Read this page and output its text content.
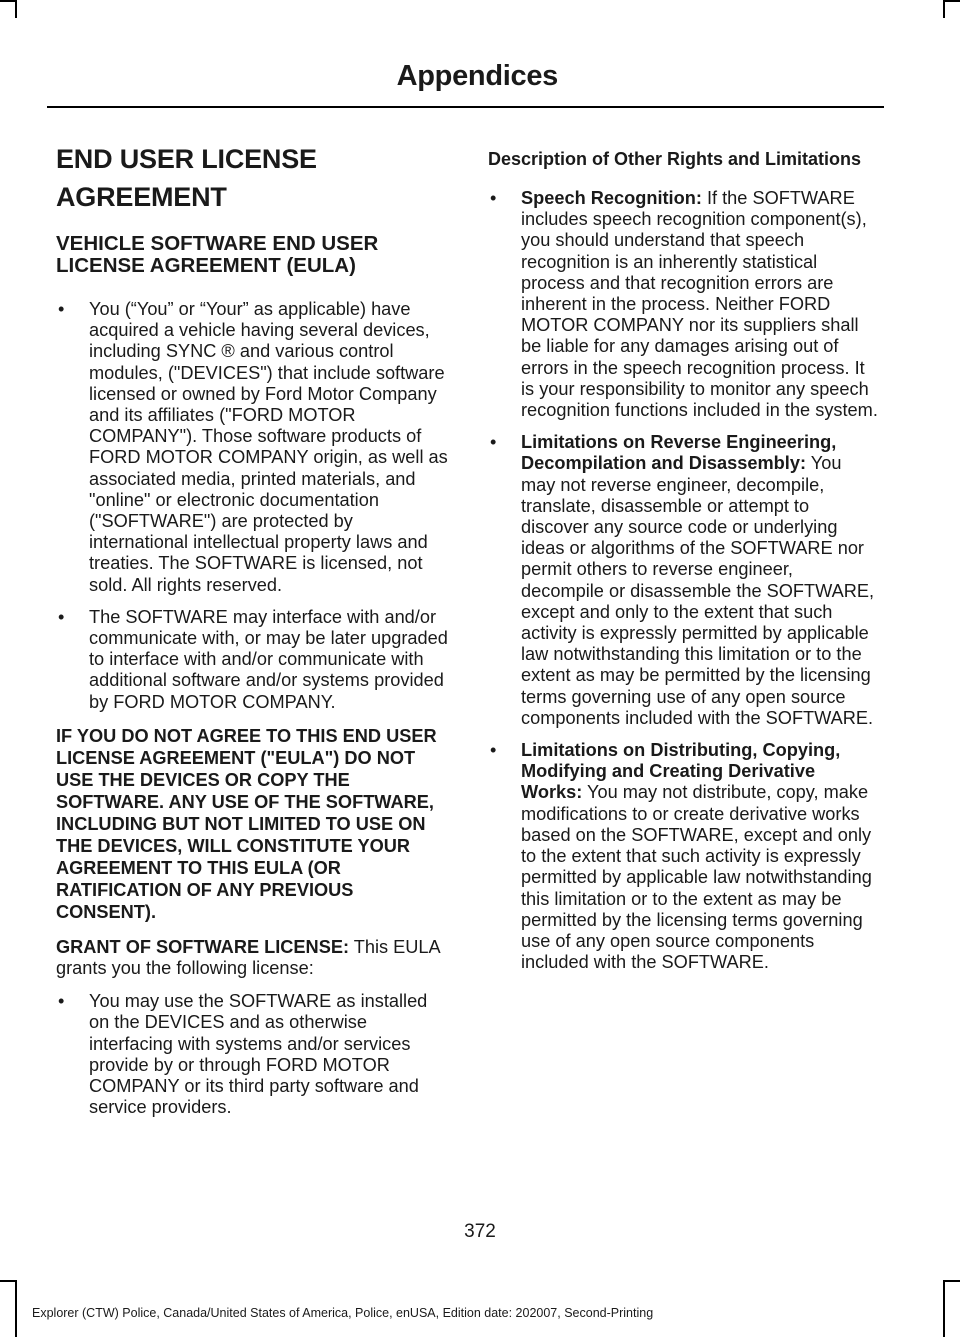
Appendices
END USER LICENSE
AGREEMENT
VEHICLE SOFTWARE END USER LICENSE AGREEMENT (EULA)
• You (“You” or “Your” as applicable) have acquired a vehicle having several devices, including SYNC ® and various control modules, ("DEVICES") that include software licensed or owned by Ford Motor Company and its affiliates ("FORD MOTOR COMPANY"). Those software products of FORD MOTOR COMPANY origin, as well as associated media, printed materials, and "online" or electronic documentation ("SOFTWARE") are protected by international intellectual property laws and treaties. The SOFTWARE is licensed, not sold. All rights reserved.
• The SOFTWARE may interface with and/or communicate with, or may be later upgraded to interface with and/or communicate with additional software and/or systems provided by FORD MOTOR COMPANY.
IF YOU DO NOT AGREE TO THIS END USER LICENSE AGREEMENT ("EULA") DO NOT USE THE DEVICES OR COPY THE SOFTWARE. ANY USE OF THE SOFTWARE, INCLUDING BUT NOT LIMITED TO USE ON THE DEVICES, WILL CONSTITUTE YOUR AGREEMENT TO THIS EULA (OR RATIFICATION OF ANY PREVIOUS CONSENT).
GRANT OF SOFTWARE LICENSE: This EULA grants you the following license:
• You may use the SOFTWARE as installed on the DEVICES and as otherwise interfacing with systems and/or services provide by or through FORD MOTOR COMPANY or its third party software and service providers.
Description of Other Rights and Limitations
• Speech Recognition: If the SOFTWARE includes speech recognition component(s), you should understand that speech recognition is an inherently statistical process and that recognition errors are inherent in the process. Neither FORD MOTOR COMPANY nor its suppliers shall be liable for any damages arising out of errors in the speech recognition process. It is your responsibility to monitor any speech recognition functions included in the system.
• Limitations on Reverse Engineering, Decompilation and Disassembly: You may not reverse engineer, decompile, translate, disassemble or attempt to discover any source code or underlying ideas or algorithms of the SOFTWARE nor permit others to reverse engineer, decompile or disassemble the SOFTWARE, except and only to the extent that such activity is expressly permitted by applicable law notwithstanding this limitation or to the extent as may be permitted by the licensing terms governing use of any open source components included with the SOFTWARE.
• Limitations on Distributing, Copying, Modifying and Creating Derivative Works: You may not distribute, copy, make modifications to or create derivative works based on the SOFTWARE, except and only to the extent that such activity is expressly permitted by applicable law notwithstanding this limitation or to the extent as may be permitted by the licensing terms governing use of any open source components included with the SOFTWARE.
372
Explorer (CTW) Police, Canada/United States of America, Police, enUSA, Edition date: 202007, Second-Printing
